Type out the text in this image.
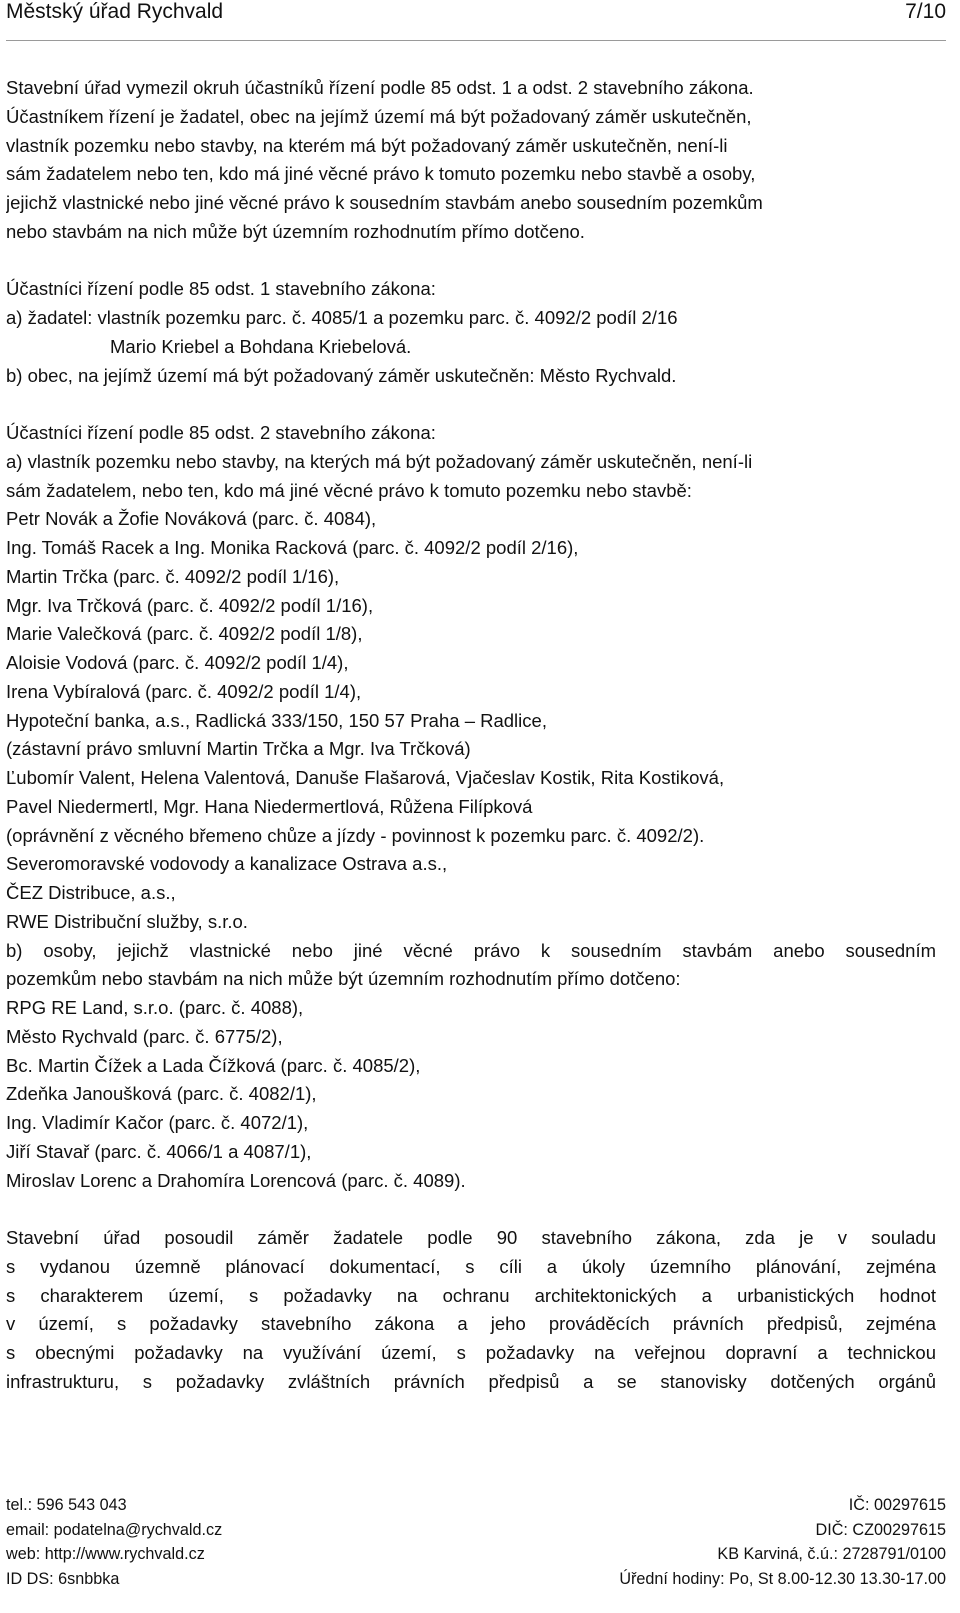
Městský úřad Rychvald	7/10
Stavební úřad vymezil okruh účastníků řízení podle 85 odst. 1 a odst. 2 stavebního zákona.
Účastníkem řízení je žadatel, obec na jejímž území má být požadovaný záměr uskutečněn,
vlastník pozemku nebo stavby, na kterém má být požadovaný záměr uskutečněn, není-li
sám žadatelem nebo ten, kdo má jiné věcné právo k tomuto pozemku nebo stavbě a osoby,
jejichž vlastnické nebo jiné věcné právo k sousedním stavbám anebo sousedním pozemkům
nebo stavbám na nich může být územním rozhodnutím přímo dotčeno.
Účastníci řízení podle 85 odst. 1 stavebního zákona:
a) žadatel: vlastník pozemku parc. č. 4085/1 a pozemku parc. č. 4092/2 podíl 2/16
Mario Kriebel a Bohdana Kriebelová.
b) obec, na jejímž území má být požadovaný záměr uskutečněn: Město Rychvald.
Účastníci řízení podle 85 odst. 2 stavebního zákona:
a) vlastník pozemku nebo stavby, na kterých má být požadovaný záměr uskutečněn, není-li
sám žadatelem, nebo ten, kdo má jiné věcné právo k tomuto pozemku nebo stavbě:
Petr Novák a Žofie Nováková (parc. č. 4084),
Ing. Tomáš Racek a Ing. Monika Racková (parc. č. 4092/2 podíl 2/16),
Martin Trčka (parc. č. 4092/2 podíl 1/16),
Mgr. Iva Trčková (parc. č. 4092/2 podíl 1/16),
Marie Valečková (parc. č. 4092/2 podíl 1/8),
Aloisie Vodová (parc. č. 4092/2 podíl 1/4),
Irena Vybíralová (parc. č. 4092/2 podíl 1/4),
Hypoteční banka, a.s., Radlická 333/150, 150 57 Praha – Radlice,
(zástavní právo smluvní Martin Trčka a Mgr. Iva Trčková)
Ľubomír Valent, Helena Valentová, Danuše Flašarová, Vjačeslav Kostik, Rita Kostiková,
Pavel Niedermertl, Mgr. Hana Niedermertlová, Růžena Filípková
(oprávnění z věcného břemeno chůze a jízdy - povinnost k pozemku parc. č. 4092/2).
Severomoravské vodovody a kanalizace Ostrava a.s.,
ČEZ Distribuce, a.s.,
RWE Distribuční služby, s.r.o.
b) osoby, jejichž vlastnické nebo jiné věcné právo k sousedním stavbám anebo sousedním
pozemkům nebo stavbám na nich může být územním rozhodnutím přímo dotčeno:
RPG RE Land, s.r.o. (parc. č. 4088),
Město Rychvald (parc. č. 6775/2),
Bc. Martin Čížek a Lada Čížková (parc. č. 4085/2),
Zdeňka Janoušková (parc. č. 4082/1),
Ing. Vladimír Kačor (parc. č. 4072/1),
Jiří Stavař (parc. č. 4066/1 a 4087/1),
Miroslav Lorenc a Drahomíra Lorencová (parc. č. 4089).
Stavební úřad posoudil záměr žadatele podle 90 stavebního zákona, zda je v souladu
s vydanou územně plánovací dokumentací, s cíli a úkoly územního plánování, zejména
s charakterem území, s požadavky na ochranu architektonických a urbanistických hodnot
v území, s požadavky stavebního zákona a jeho prováděcích právních předpisů, zejména
s obecnými požadavky na využívání území, s požadavky na veřejnou dopravní a technickou
infrastrukturu, s požadavky zvláštních právních předpisů a se stanovisky dotčených orgánů
tel.: 596 543 043	IČ: 00297615
email: podatelna@rychvald.cz	DIČ: CZ00297615
web: http://www.rychvald.cz	KB Karviná, č.ú.: 2728791/0100
ID DS: 6snbbka	Úřední hodiny: Po, St 8.00-12.30 13.30-17.00
